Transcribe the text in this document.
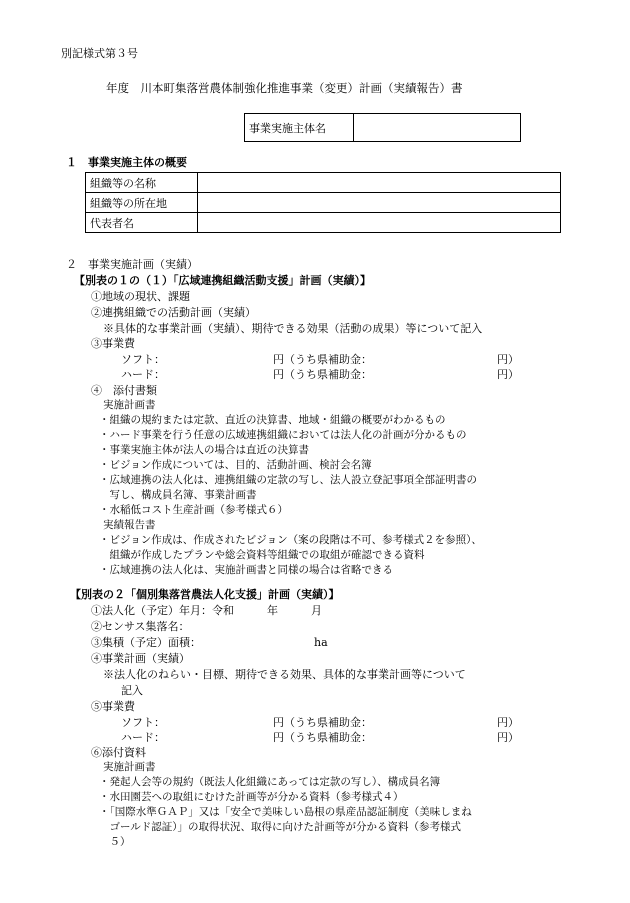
別記様式第３号
年度　川本町集落営農体制強化推進事業（変更）計画（実績報告）書
事業実施主体名	
１　事業実施主体の概要
組織等の名称	
組織等の所在地	
代表者名	
２　事業実施計画（実績）
【別表の１の（１）「広域連携組織活動支援」計画（実績）】
①地域の現状、課題
②連携組織での活動計画（実績）
※具体的な事業計画（実績）、期待できる効果（活動の成果）等について記入
③事業費
ソフト：	円（うち県補助金：	円）
ハード：	円（うち県補助金：	円）
④　添付書類
実施計画書
・組織の規約または定款、直近の決算書、地域・組織の概要がわかるもの
・ハード事業を行う任意の広域連携組織においては法人化の計画が分かるもの
・事業実施主体が法人の場合は直近の決算書
・ビジョン作成については、目的、活動計画、検討会名簿
・広域連携の法人化は、連携組織の定款の写し、法人設立登記事項全部証明書の
　写し、構成員名簿、事業計画書
・水稲低コスト生産計画（参考様式６）
実績報告書
・ビジョン作成は、作成されたビジョン（案の段階は不可、参考様式２を参照）、
　組織が作成したプランや総会資料等組織での取組が確認できる資料
・広域連携の法人化は、実施計画書と同様の場合は省略できる
【別表の２「個別集落営農法人化支援」計画（実績）】
①法人化（予定）年月：令和　　　年　　　月
②センサス集落名：
③集積（予定）面積：	ha
④事業計画（実績）
※法人化のねらい・目標、期待できる効果、具体的な事業計画等について
記入
⑤事業費
ソフト：	円（うち県補助金：	円）
ハード：	円（うち県補助金：	円）
⑥添付資料
実施計画書
・発起人会等の規約（既法人化組織にあっては定款の写し）、構成員名簿
・水田園芸への取組にむけた計画等が分かる資料（参考様式４）
・「国際水準ＧＡＰ」又は「安全で美味しい島根の県産品認証制度（美味しまね
　ゴールド認証）」の取得状況、取得に向けた計画等が分かる資料（参考様式
　５）
